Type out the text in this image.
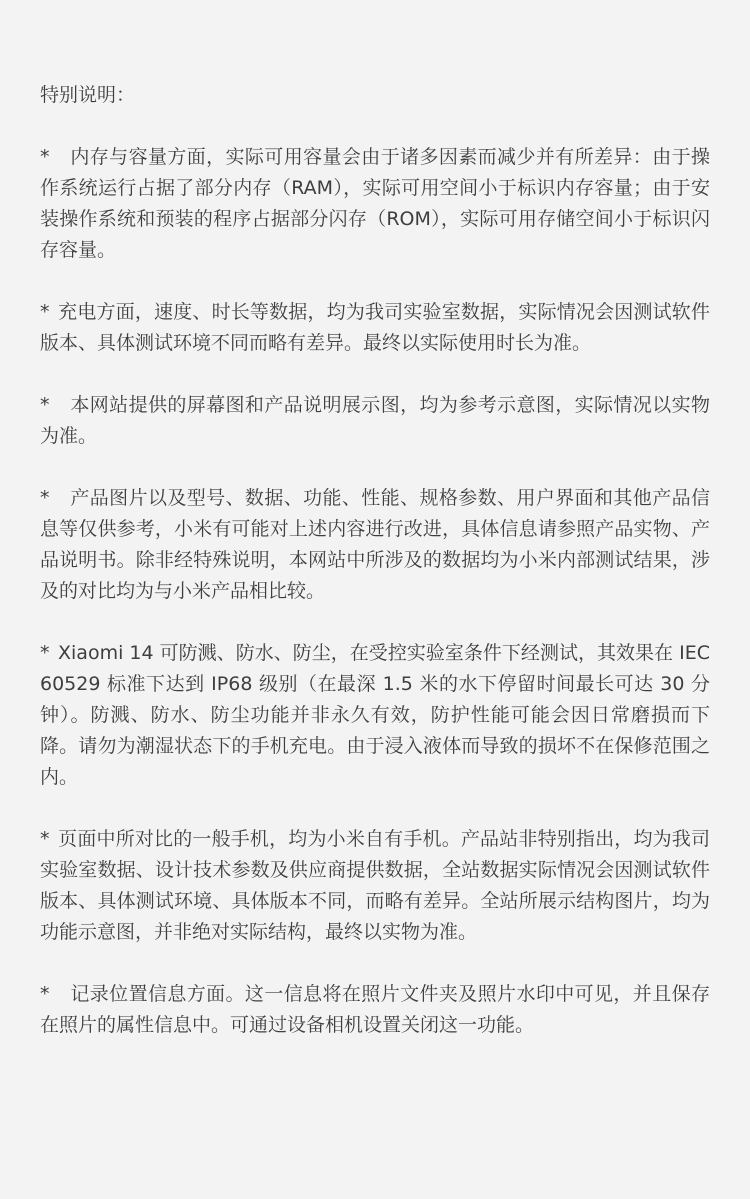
特别说明：

* 内存与容量方面，实际可用容量会由于诸多因素而减少并有所差异：由于操作系统运行占据了部分内存（RAM），实际可用空间小于标识内存容量；由于安装操作系统和预装的程序占据部分闪存（ROM），实际可用存储空间小于标识闪存容量。

* 充电方面，速度、时长等数据，均为我司实验室数据，实际情况会因测试软件版本、具体测试环境不同而略有差异。最终以实际使用时长为准。

* 本网站提供的屏幕图和产品说明展示图，均为参考示意图，实际情况以实物为准。

* 产品图片以及型号、数据、功能、性能、规格参数、用户界面和其他产品信息等仅供参考，小米有可能对上述内容进行改进，具体信息请参照产品实物、产品说明书。除非经特殊说明，本网站中所涉及的数据均为小米内部测试结果，涉及的对比均为与小米产品相比较。

* Xiaomi 14 可防溅、防水、防尘，在受控实验室条件下经测试，其效果在 IEC 60529 标准下达到 IP68 级别（在最深 1.5 米的水下停留时间最长可达 30 分钟）。防溅、防水、防尘功能并非永久有效，防护性能可能会因日常磨损而下降。请勿为潮湿状态下的手机充电。由于浸入液体而导致的损坏不在保修范围之内。

* 页面中所对比的一般手机，均为小米自有手机。产品站非特别指出，均为我司实验室数据、设计技术参数及供应商提供数据，全站数据实际情况会因测试软件版本、具体测试环境、具体版本不同，而略有差异。全站所展示结构图片，均为功能示意图，并非绝对实际结构，最终以实物为准。

* 记录位置信息方面。这一信息将在照片文件夹及照片水印中可见，并且保存在照片的属性信息中。可通过设备相机设置关闭这一功能。
